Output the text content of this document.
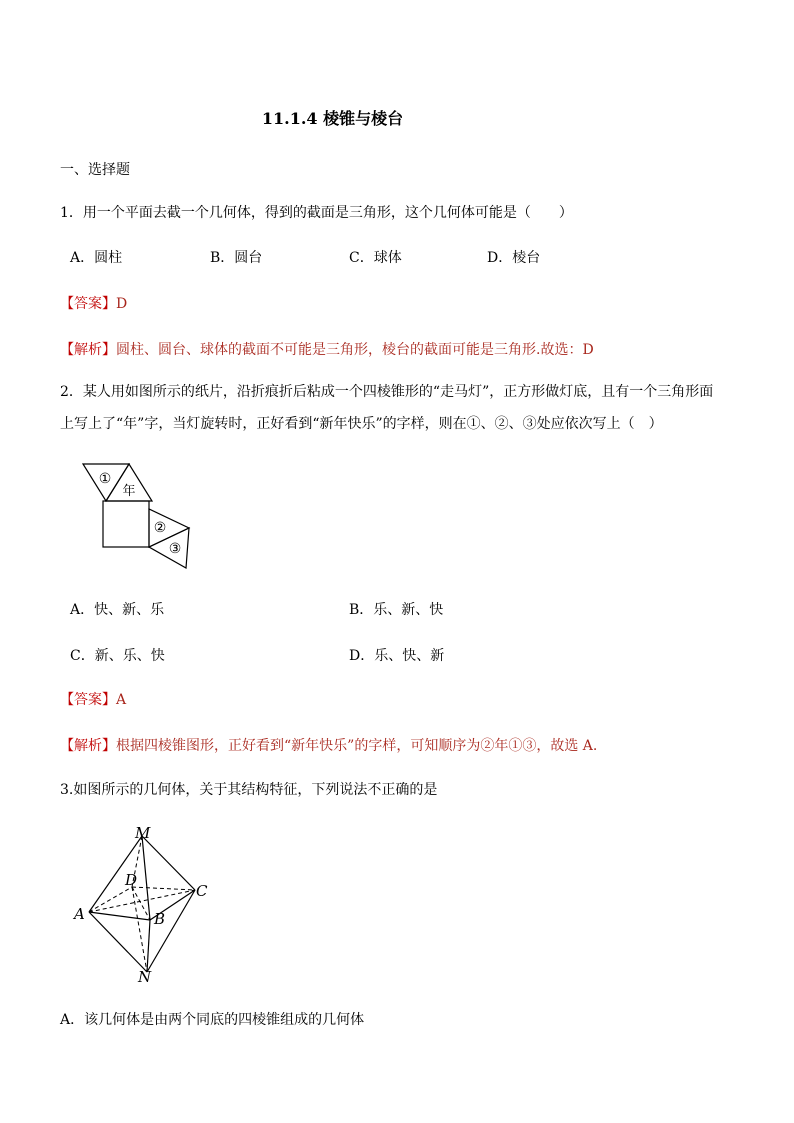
11.1.4 棱锥与棱台
一、选择题
1．用一个平面去截一个几何体，得到的截面是三角形，这个几何体可能是（　　）
A．圆柱	B．圆台	C．球体	D．棱台
【答案】D
【解析】圆柱、圆台、球体的截面不可能是三角形，棱台的截面可能是三角形.故选：D
2．某人用如图所示的纸片，沿折痕折后粘成一个四棱锥形的“走马灯”，正方形做灯底，且有一个三角形面
上写上了“年”字，当灯旋转时，正好看到“新年快乐”的字样，则在①、②、③处应依次写上（　）
①
年
②
③
A．快、新、乐	B．乐、新、快
C．新、乐、快	D．乐、快、新
【答案】A
【解析】根据四棱锥图形，正好看到“新年快乐”的字样，可知顺序为②年①③，故选 A.
3.如图所示的几何体，关于其结构特征，下列说法不正确的是
M
D
C
A	B
N
A．该几何体是由两个同底的四棱锥组成的几何体
